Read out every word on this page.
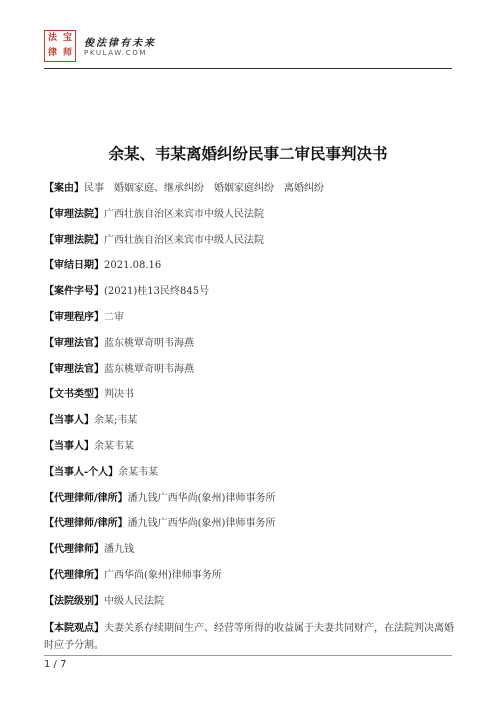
法 宝
律 师
俊法律有未来
PKULAW.COM
余某、韦某离婚纠纷民事二审民事判决书
【案由】民事　婚姻家庭、继承纠纷　婚姻家庭纠纷　离婚纠纷
【审理法院】广西壮族自治区来宾市中级人民法院
【审理法院】广西壮族自治区来宾市中级人民法院
【审结日期】2021.08.16
【案件字号】(2021)桂13民终845号
【审理程序】二审
【审理法官】蓝东桃覃奇明韦海燕
【审理法官】蓝东桃覃奇明韦海燕
【文书类型】判决书
【当事人】余某;韦某
【当事人】余某韦某
【当事人-个人】余某韦某
【代理律师/律所】潘九钱广西华尚(象州)律师事务所
【代理律师/律所】潘九钱广西华尚(象州)律师事务所
【代理律师】潘九钱
【代理律所】广西华尚(象州)律师事务所
【法院级别】中级人民法院
【本院观点】夫妻关系存续期间生产、经营等所得的收益属于夫妻共同财产，在法院判决离婚时应予分割。
1 / 7
